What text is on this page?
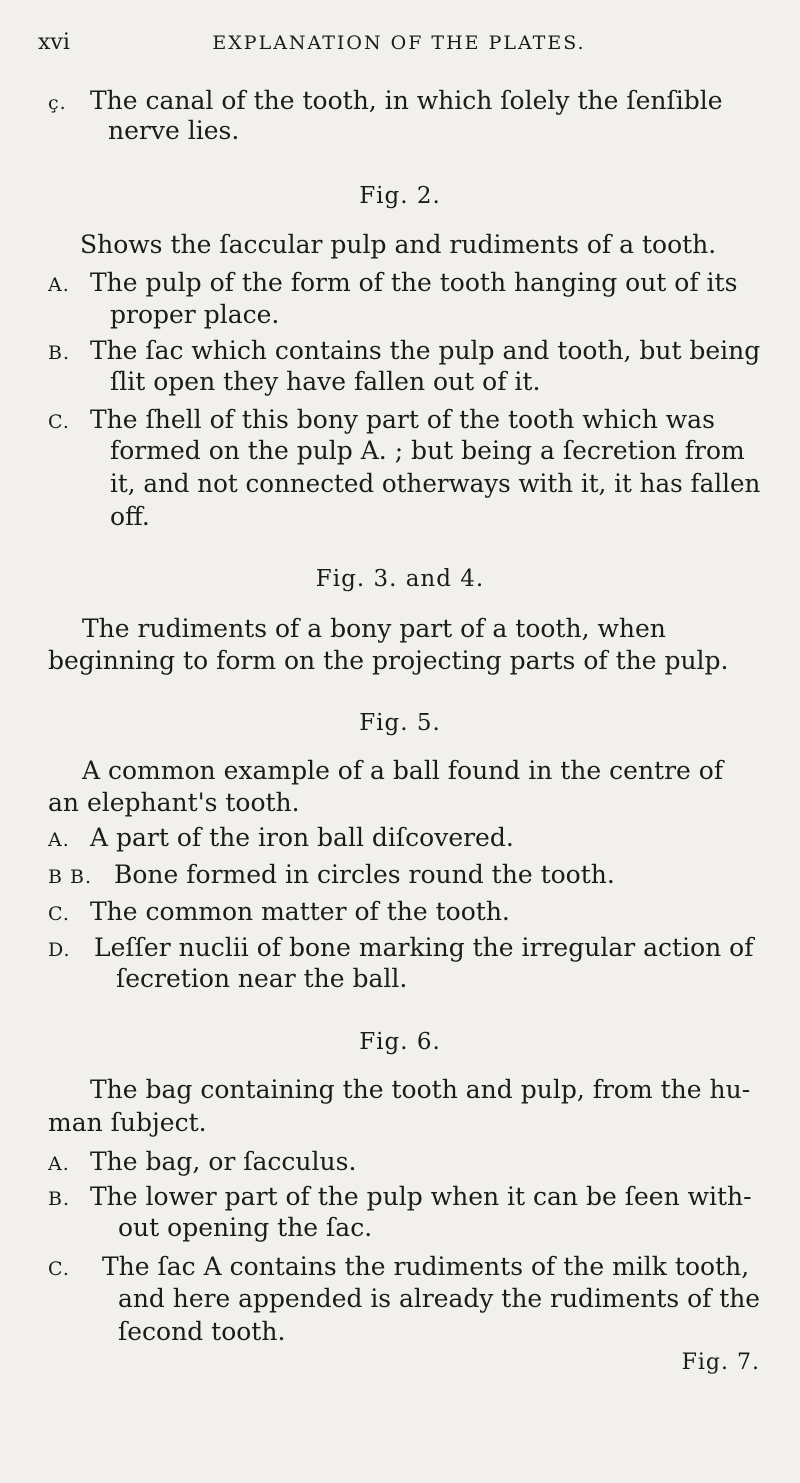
xvi	EXPLANATION OF THE PLATES.
ç. The canal of the tooth, in which ſolely the ſenſible
nerve lies.
Fig. 2.
Shows the ſaccular pulp and rudiments of a tooth.
A. The pulp of the form of the tooth hanging out of its
proper place.
B. The ſac which contains the pulp and tooth, but being
ſlit open they have fallen out of it.
C. The ſhell of this bony part of the tooth which was
formed on the pulp A. ; but being a ſecretion from
it, and not connected otherways with it, it has fallen
off.
Fig. 3. and 4.
The rudiments of a bony part of a tooth, when
beginning to form on the projecting parts of the pulp.
Fig. 5.
A common example of a ball found in the centre of
an elephant's tooth.
A. A part of the iron ball diſcovered.
B B. Bone formed in circles round the tooth.
C. The common matter of the tooth.
D. Leſſer nuclii of bone marking the irregular action of
ſecretion near the ball.
Fig. 6.
The bag containing the tooth and pulp, from the hu-
man ſubject.
A. The bag, or ſacculus.
B. The lower part of the pulp when it can be ſeen with-
out opening the ſac.
C. The ſac A contains the rudiments of the milk tooth,
and here appended is already the rudiments of the
ſecond tooth.
Fig. 7.
